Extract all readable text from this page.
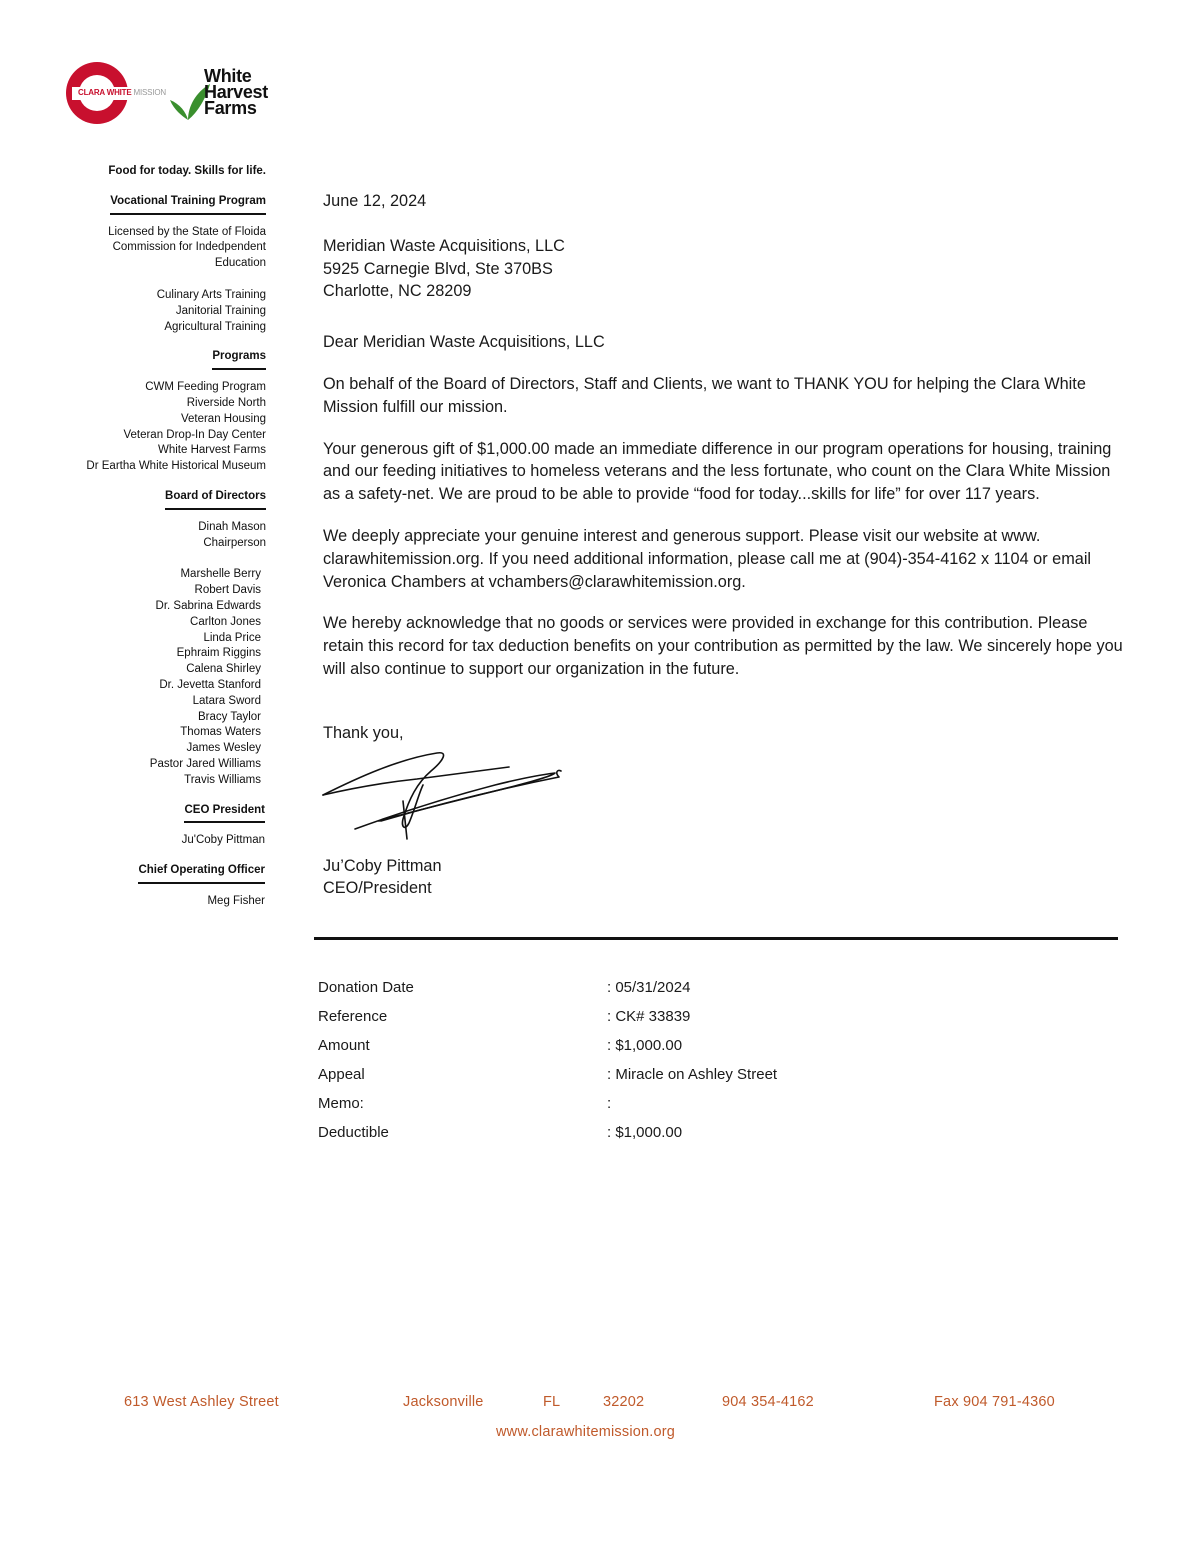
CLARA WHITE MISSION
White
Harvest
Farms
Food for today. Skills for life.
Vocational Training Program
Licensed by the State of Floida
Commission for Indedpendent
Education
Culinary Arts Training
Janitorial Training
Agricultural Training
Programs
CWM Feeding Program
Riverside North
Veteran Housing
Veteran Drop-In Day Center
White Harvest Farms
Dr Eartha White Historical Museum
Board of Directors
Dinah Mason
Chairperson
Marshelle Berry
Robert Davis
Dr. Sabrina Edwards
Carlton Jones
Linda Price
Ephraim Riggins
Calena Shirley
Dr. Jevetta Stanford
Latara Sword
Bracy Taylor
Thomas Waters
James Wesley
Pastor Jared Williams
Travis Williams
CEO President
Ju'Coby Pittman
Chief Operating Officer
Meg Fisher

June 12, 2024

Meridian Waste Acquisitions, LLC
5925 Carnegie Blvd, Ste 370BS
Charlotte, NC 28209

Dear Meridian Waste Acquisitions, LLC

On behalf of the Board of Directors, Staff and Clients, we want to THANK YOU for helping the Clara White Mission fulfill our mission.

Your generous gift of $1,000.00 made an immediate difference in our program operations for housing, training and our feeding initiatives to homeless veterans and the less fortunate, who count on the Clara White Mission as a safety-net. We are proud to be able to provide “food for today...skills for life” for over 117 years.

We deeply appreciate your genuine interest and generous support. Please visit our website at www. clarawhitemission.org. If you need additional information, please call me at (904)-354-4162 x 1104 or email Veronica Chambers at vchambers@clarawhitemission.org.

We hereby acknowledge that no goods or services were provided in exchange for this contribution. Please retain this record for tax deduction benefits on your contribution as permitted by the law. We sincerely hope you will also continue to support our organization in the future.

Thank you,

Ju’Coby Pittman
CEO/President
Donation Date	: 05/31/2024
Reference	: CK# 33839
Amount	: $1,000.00
Appeal	: Miracle on Ashley Street
Memo:	:
Deductible	: $1,000.00
613 West Ashley Street	Jacksonville	FL	32202	904 354-4162	Fax 904 791-4360
www.clarawhitemission.org
